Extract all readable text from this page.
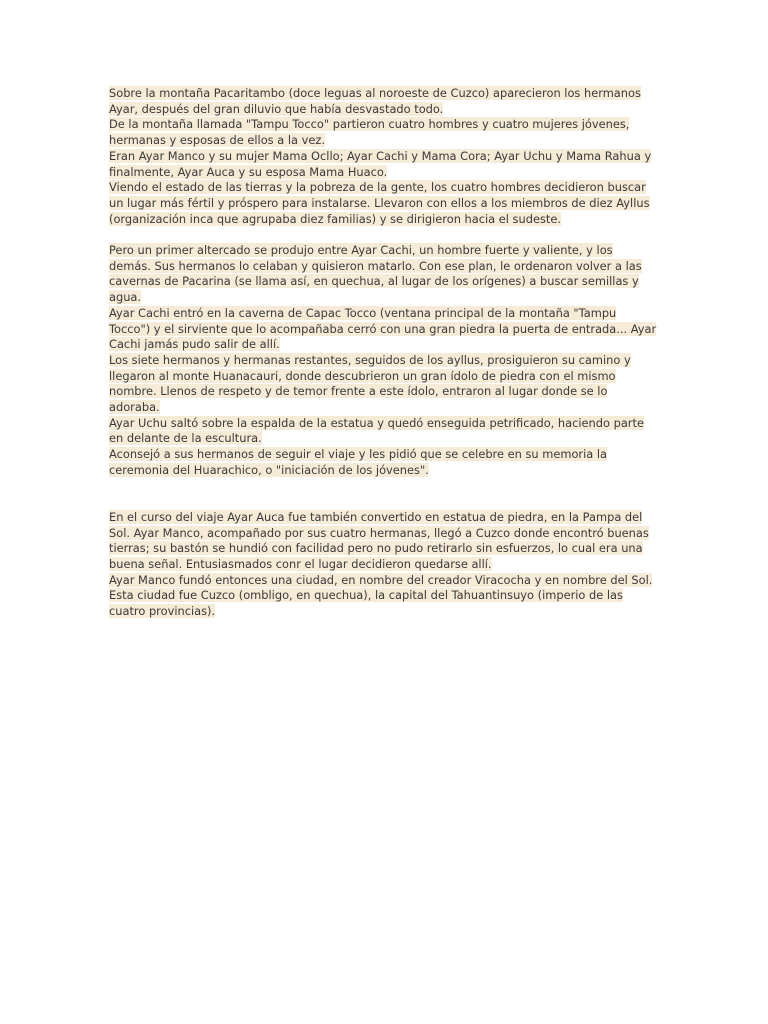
Sobre la montaña Pacaritambo (doce leguas al noroeste de Cuzco) aparecieron los hermanos
Ayar, después del gran diluvio que había desvastado todo.
De la montaña llamada "Tampu Tocco" partieron cuatro hombres y cuatro mujeres jóvenes,
hermanas y esposas de ellos a la vez.
Eran Ayar Manco y su mujer Mama Ocllo; Ayar Cachi y Mama Cora; Ayar Uchu y Mama Rahua y
finalmente, Ayar Auca y su esposa Mama Huaco.
Viendo el estado de las tierras y la pobreza de la gente, los cuatro hombres decidieron buscar
un lugar más fértil y próspero para instalarse. Llevaron con ellos a los miembros de diez Ayllus
(organización inca que agrupaba diez familias) y se dirigieron hacia el sudeste.
Pero un primer altercado se produjo entre Ayar Cachi, un hombre fuerte y valiente, y los
demás. Sus hermanos lo celaban y quisieron matarlo. Con ese plan, le ordenaron volver a las
cavernas de Pacarina (se llama así, en quechua, al lugar de los orígenes) a buscar semillas y
agua.
Ayar Cachi entró en la caverna de Capac Tocco (ventana principal de la montaña "Tampu
Tocco") y el sirviente que lo acompañaba cerró con una gran piedra la puerta de entrada... Ayar
Cachi jamás pudo salir de allí.
Los siete hermanos y hermanas restantes, seguidos de los ayllus, prosiguieron su camino y
llegaron al monte Huanacauri, donde descubrieron un gran ídolo de piedra con el mismo
nombre. Llenos de respeto y de temor frente a este ídolo, entraron al lugar donde se lo
adoraba.
Ayar Uchu saltó sobre la espalda de la estatua y quedó enseguida petrificado, haciendo parte
en delante de la escultura.
Aconsejó a sus hermanos de seguir el viaje y les pidió que se celebre en su memoria la
ceremonia del Huarachico, o "iniciación de los jóvenes".
En el curso del viaje Ayar Auca fue también convertido en estatua de piedra, en la Pampa del
Sol. Ayar Manco, acompañado por sus cuatro hermanas, llegó a Cuzco donde encontró buenas
tierras; su bastón se hundió con facilidad pero no pudo retirarlo sin esfuerzos, lo cual era una
buena señal. Entusiasmados conr el lugar decidieron quedarse allí.
Ayar Manco fundó entonces una ciudad, en nombre del creador Viracocha y en nombre del Sol.
Esta ciudad fue Cuzco (ombligo, en quechua), la capital del Tahuantinsuyo (imperio de las
cuatro provincias).
